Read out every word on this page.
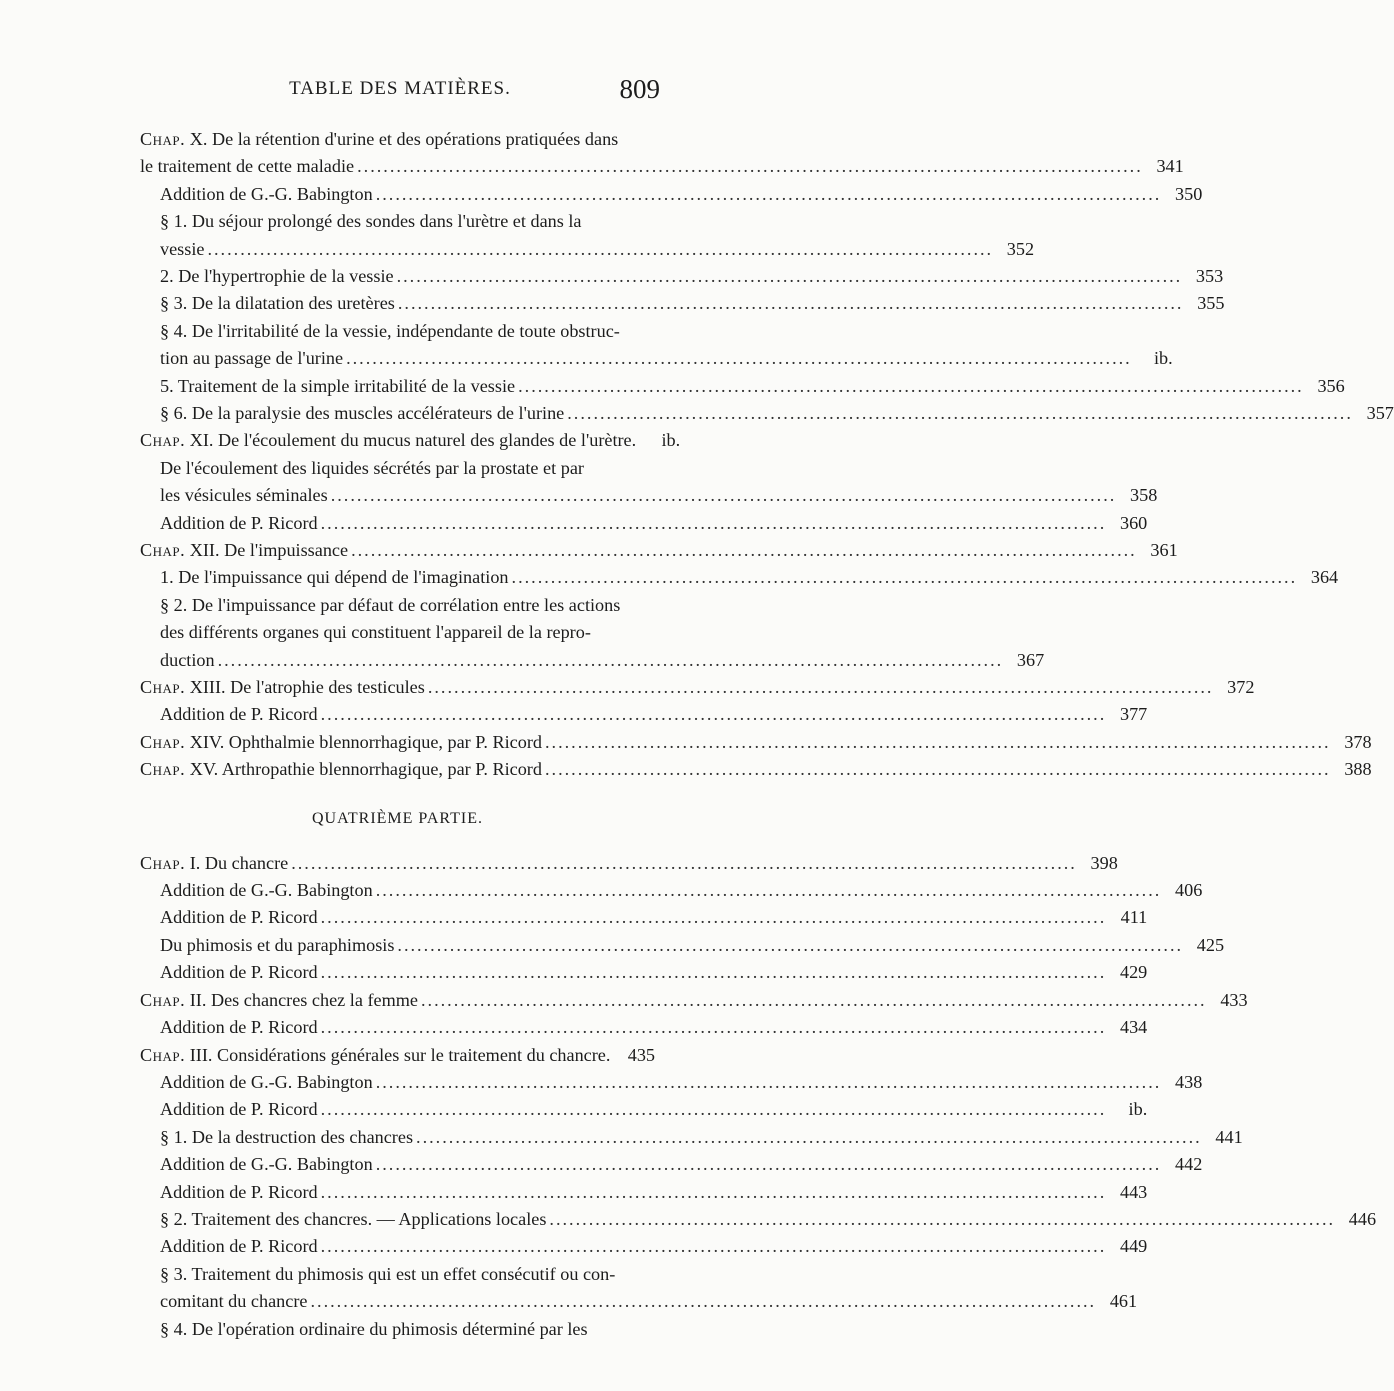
TABLE DES MATIÈRES.	809
Chap. X. De la rétention d'urine et des opérations pratiquées dans
le traitement de cette maladie ........................................................................................................................ 341
Addition de G.-G. Babington ........................................................................................................................ 350
§ 1. Du séjour prolongé des sondes dans l'urètre et dans la
vessie ........................................................................................................................ 352
2. De l'hypertrophie de la vessie ........................................................................................................................ 353
§ 3. De la dilatation des uretères ........................................................................................................................ 355
§ 4. De l'irritabilité de la vessie, indépendante de toute obstruc-
tion au passage de l'urine ........................................................................................................................	ib.
5. Traitement de la simple irritabilité de la vessie ........................................................................................................................ 356
§ 6. De la paralysie des muscles accélérateurs de l'urine ........................................................................................................................ 357
Chap.
XI. De l'écoulement du mucus naturel des glandes de l'urètre.	ib.
De l'écoulement des liquides sécrétés par la prostate et par
les vésicules séminales ........................................................................................................................ 358
Addition de P. Ricord ........................................................................................................................ 360
Chap.
XII. De l'impuissance ........................................................................................................................ 361
1. De l'impuissance qui dépend de l'imagination ........................................................................................................................ 364
§ 2. De l'impuissance par défaut de corrélation entre les actions
des différents organes qui constituent l'appareil de la repro-
duction ........................................................................................................................ 367
Chap.
XIII. De l'atrophie des testicules ........................................................................................................................ 372
Addition de P. Ricord ........................................................................................................................ 377
Chap.
XIV. Ophthalmie blennorrhagique, par P. Ricord ........................................................................................................................ 378
Chap.
XV. Arthropathie blennorrhagique, par P. Ricord ........................................................................................................................ 388
QUATRIÈME PARTIE.
Chap.
I. Du chancre ........................................................................................................................ 398
Addition de G.-G. Babington ........................................................................................................................ 406
Addition de P. Ricord ........................................................................................................................ 411
Du phimosis et du paraphimosis ........................................................................................................................ 425
Addition de P. Ricord ........................................................................................................................ 429
Chap.
II. Des chancres chez la femme ........................................................................................................................ 433
Addition de P. Ricord ........................................................................................................................ 434
Chap.
III. Considérations générales sur le traitement du chancre. 435
Addition de G.-G. Babington ........................................................................................................................ 438
Addition de P. Ricord ........................................................................................................................	ib.
§ 1. De la destruction des chancres ........................................................................................................................ 441
Addition de G.-G. Babington ........................................................................................................................ 442
Addition de P. Ricord ........................................................................................................................ 443
§ 2. Traitement des chancres. — Applications locales ........................................................................................................................ 446
Addition de P. Ricord ........................................................................................................................ 449
§ 3. Traitement du phimosis qui est un effet consécutif ou con-
comitant du chancre ........................................................................................................................ 461
§ 4. De l'opération ordinaire du phimosis déterminé par les
